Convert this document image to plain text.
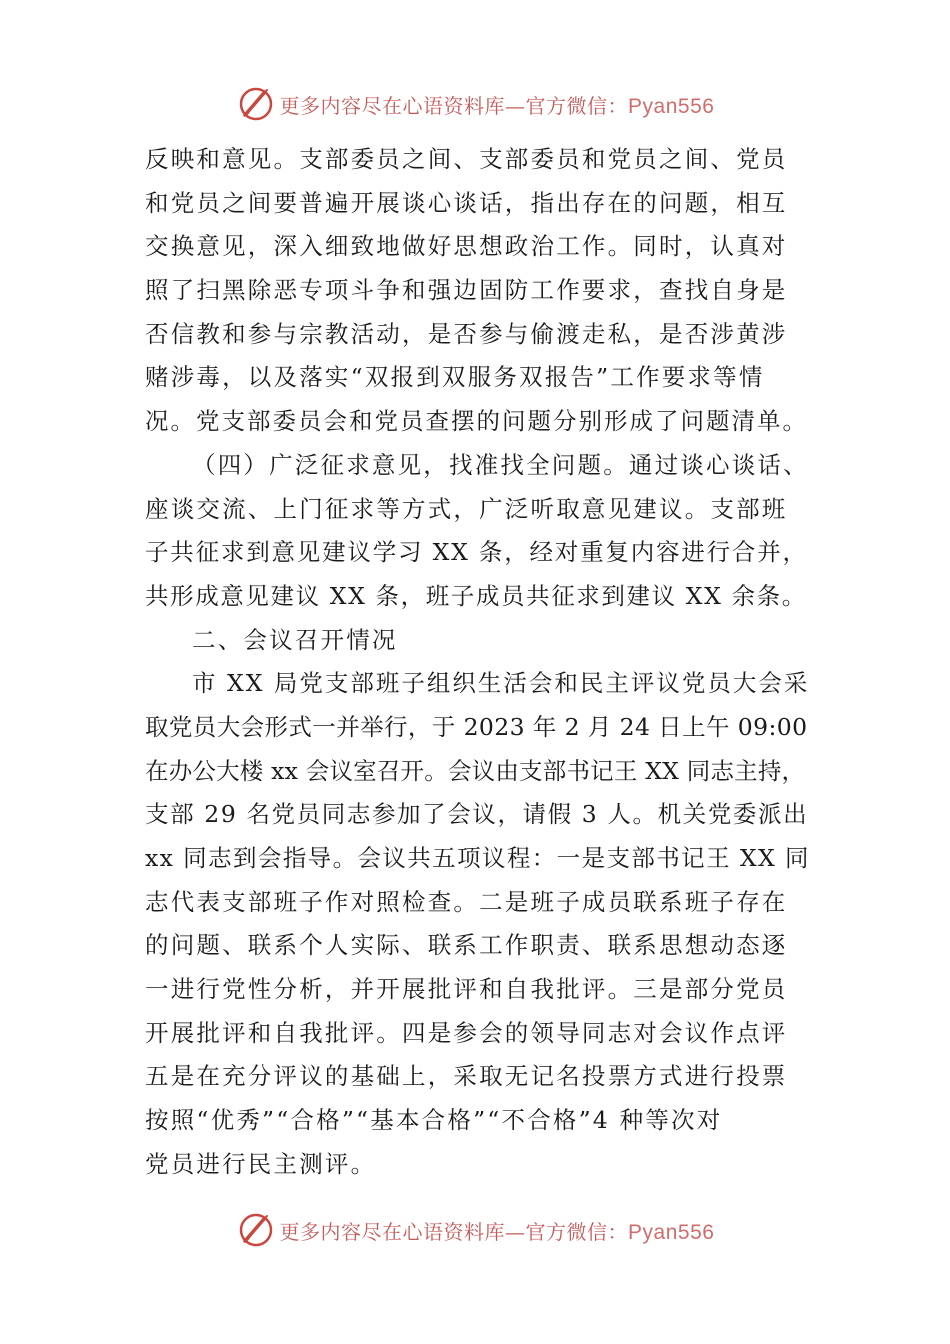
更多内容尽在心语资料库—官方微信：Pyan556
反映和意见。支部委员之间、支部委员和党员之间、党员
和党员之间要普遍开展谈心谈话，指出存在的问题，相互
交换意见，深入细致地做好思想政治工作。同时，认真对
照了扫黑除恶专项斗争和强边固防工作要求，查找自身是
否信教和参与宗教活动，是否参与偷渡走私，是否涉黄涉
赌涉毒，以及落实“双报到双服务双报告”工作要求等情
况。党支部委员会和党员查摆的问题分别形成了问题清单。
（四）广泛征求意见，找准找全问题。通过谈心谈话、
座谈交流、上门征求等方式，广泛听取意见建议。支部班
子共征求到意见建议学习 XX 条，经对重复内容进行合并，
共形成意见建议 XX 条，班子成员共征求到建议 XX 余条。
二、会议召开情况
市 XX 局党支部班子组织生活会和民主评议党员大会采
取党员大会形式一并举行，于 2023 年 2 月 24 日上午 09:00
在办公大楼 xx 会议室召开。会议由支部书记王 XX 同志主持，
支部 29 名党员同志参加了会议，请假 3 人。机关党委派出
xx 同志到会指导。会议共五项议程：一是支部书记王 XX 同
志代表支部班子作对照检查。二是班子成员联系班子存在
的问题、联系个人实际、联系工作职责、联系思想动态逐
一进行党性分析，并开展批评和自我批评。三是部分党员
开展批评和自我批评。四是参会的领导同志对会议作点评
五是在充分评议的基础上，采取无记名投票方式进行投票
按照“优秀”“合格”“基本合格”“不合格”4 种等次对
党员进行民主测评。
更多内容尽在心语资料库—官方微信：Pyan556
